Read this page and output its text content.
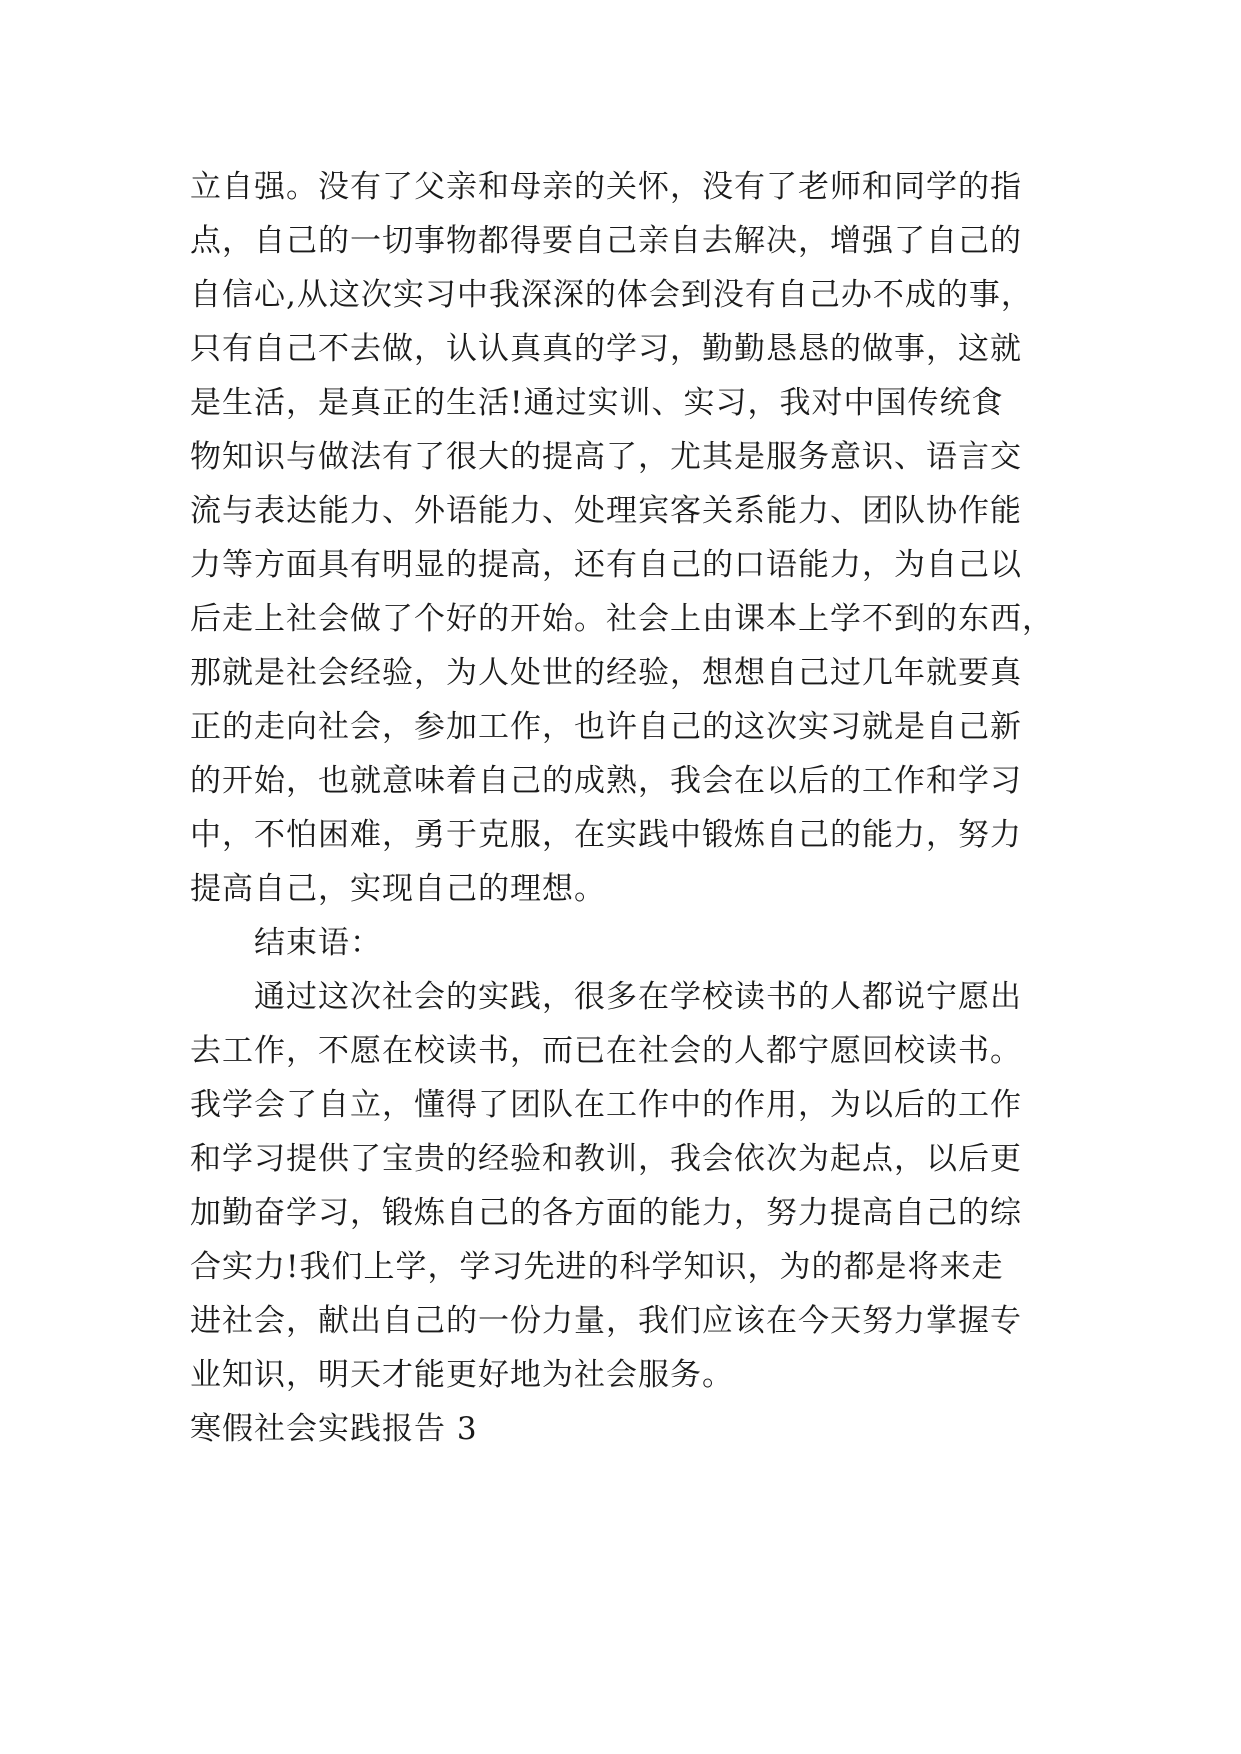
立自强。没有了父亲和母亲的关怀，没有了老师和同学的指
点，自己的一切事物都得要自己亲自去解决，增强了自己的
自信心,从这次实习中我深深的体会到没有自己办不成的事，
只有自己不去做，认认真真的学习，勤勤恳恳的做事，这就
是生活，是真正的生活!通过实训、实习，我对中国传统食
物知识与做法有了很大的提高了，尤其是服务意识、语言交
流与表达能力、外语能力、处理宾客关系能力、团队协作能
力等方面具有明显的提高，还有自己的口语能力，为自己以
后走上社会做了个好的开始。社会上由课本上学不到的东西，
那就是社会经验，为人处世的经验，想想自己过几年就要真
正的走向社会，参加工作，也许自己的这次实习就是自己新
的开始，也就意味着自己的成熟，我会在以后的工作和学习
中，不怕困难，勇于克服，在实践中锻炼自己的能力，努力
提高自己，实现自己的理想。
结束语：
通过这次社会的实践，很多在学校读书的人都说宁愿出
去工作，不愿在校读书，而已在社会的人都宁愿回校读书。
我学会了自立，懂得了团队在工作中的作用，为以后的工作
和学习提供了宝贵的经验和教训，我会依次为起点，以后更
加勤奋学习，锻炼自己的各方面的能力，努力提高自己的综
合实力!我们上学，学习先进的科学知识，为的都是将来走
进社会，献出自己的一份力量，我们应该在今天努力掌握专
业知识，明天才能更好地为社会服务。
寒假社会实践报告 3
